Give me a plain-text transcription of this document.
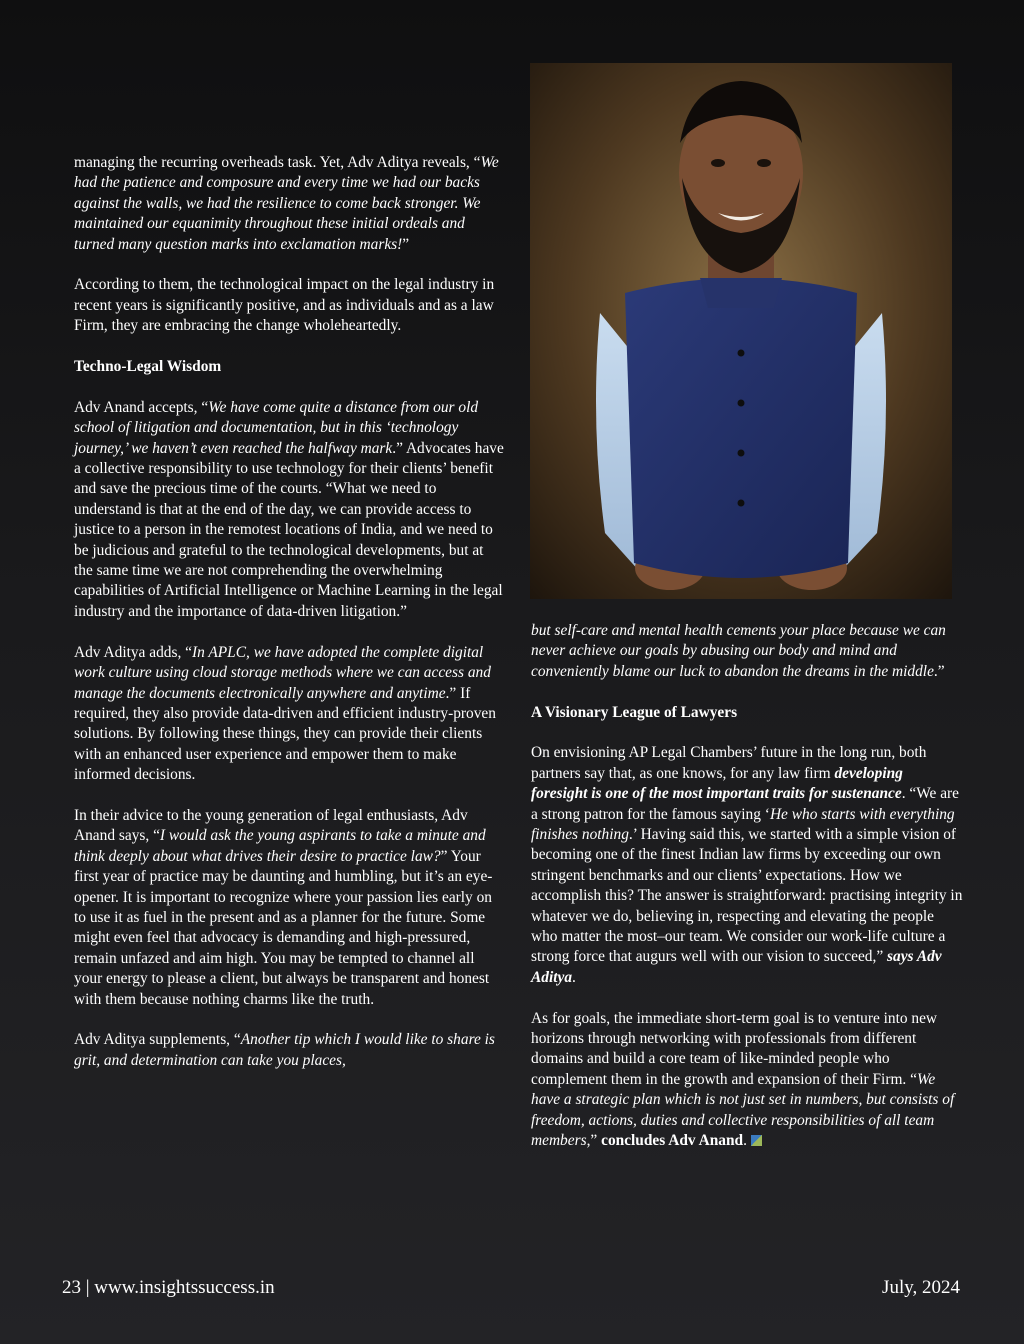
managing the recurring overheads task. Yet, Adv Aditya reveals, “We had the patience and composure and every time we had our backs against the walls, we had the resilience to come back stronger. We maintained our equanimity throughout these initial ordeals and turned many question marks into exclamation marks!”

According to them, the technological impact on the legal industry in recent years is significantly positive, and as individuals and as a law Firm, they are embracing the change wholeheartedly.

Techno-Legal Wisdom

Adv Anand accepts, “We have come quite a distance from our old school of litigation and documentation, but in this ‘technology journey,’ we haven’t even reached the halfway mark.” Advocates have a collective responsibility to use technology for their clients’ benefit and save the precious time of the courts. “What we need to understand is that at the end of the day, we can provide access to justice to a person in the remotest locations of India, and we need to be judicious and grateful to the technological developments, but at the same time we are not comprehending the overwhelming capabilities of Artificial Intelligence or Machine Learning in the legal industry and the importance of data-driven litigation.”

Adv Aditya adds, “In APLC, we have adopted the complete digital work culture using cloud storage methods where we can access and manage the documents electronically anywhere and anytime.” If required, they also provide data-driven and efficient industry-proven solutions. By following these things, they can provide their clients with an enhanced user experience and empower them to make informed decisions.

In their advice to the young generation of legal enthusiasts, Adv Anand says, “I would ask the young aspirants to take a minute and think deeply about what drives their desire to practice law?” Your first year of practice may be daunting and humbling, but it’s an eye-opener. It is important to recognize where your passion lies early on to use it as fuel in the present and as a planner for the future. Some might even feel that advocacy is demanding and high-pressured, remain unfazed and aim high. You may be tempted to channel all your energy to please a client, but always be transparent and honest with them because nothing charms like the truth.

Adv Aditya supplements, “Another tip which I would like to share is grit, and determination can take you places,

but self-care and mental health cements your place because we can never achieve our goals by abusing our body and mind and conveniently blame our luck to abandon the dreams in the middle.”

A Visionary League of Lawyers

On envisioning AP Legal Chambers’ future in the long run, both partners say that, as one knows, for any law firm developing foresight is one of the most important traits for sustenance. “We are a strong patron for the famous saying ‘He who starts with everything finishes nothing.’ Having said this, we started with a simple vision of becoming one of the finest Indian law firms by exceeding our own stringent benchmarks and our clients’ expectations. How we accomplish this? The answer is straightforward: practising integrity in whatever we do, believing in, respecting and elevating the people who matter the most–our team. We consider our work-life culture a strong force that augurs well with our vision to succeed,” says Adv Aditya.

As for goals, the immediate short-term goal is to venture into new horizons through networking with professionals from different domains and build a core team of like-minded people who complement them in the growth and expansion of their Firm. “We have a strategic plan which is not just set in numbers, but consists of freedom, actions, duties and collective responsibilities of all team members,” concludes Adv Anand.

23 | www.insightssuccess.in	July, 2024
